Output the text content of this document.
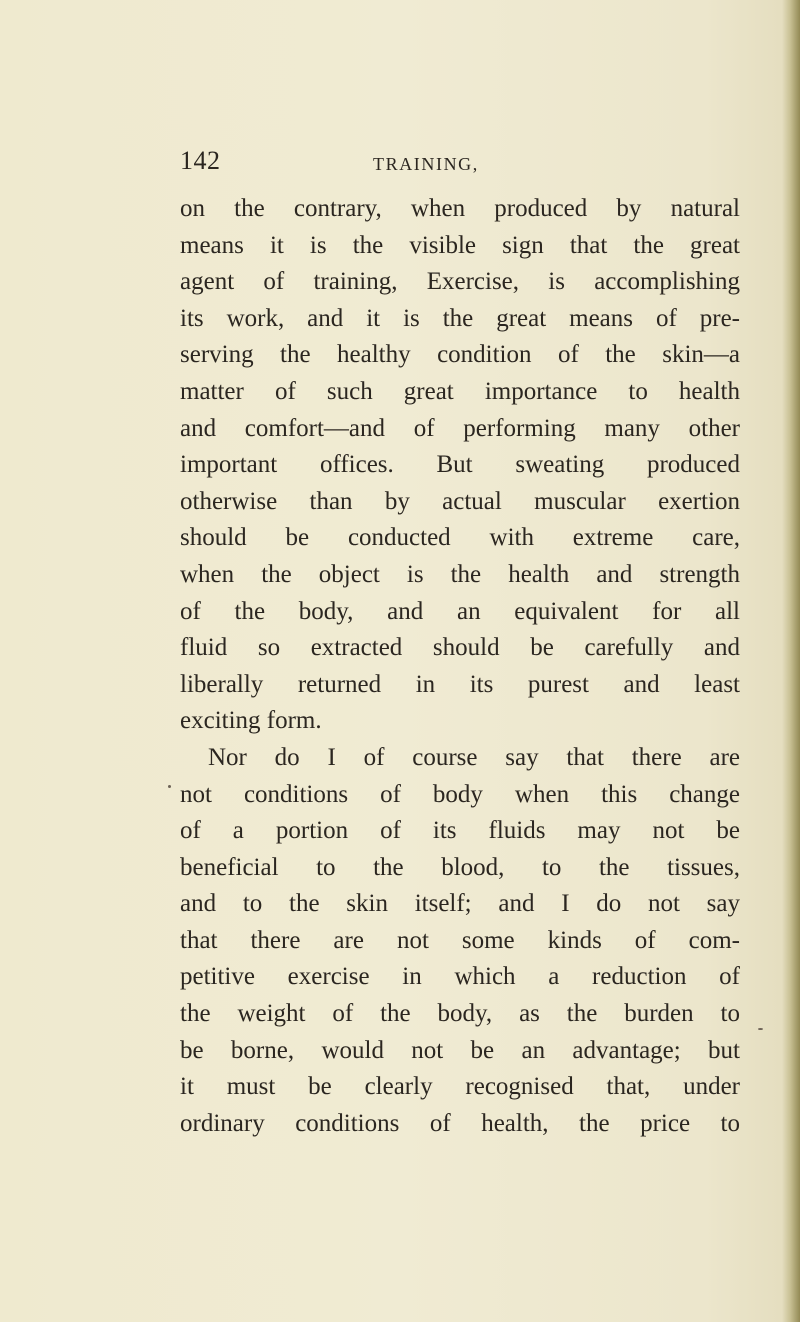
142	TRAINING,
on the contrary, when produced by natural
means it is the visible sign that the great
agent of training, Exercise, is accomplishing
its work, and it is the great means of pre-
serving the healthy condition of the skin—a
matter of such great importance to health
and comfort—and of performing many other
important offices. But sweating produced
otherwise than by actual muscular exertion
should be conducted with extreme care,
when the object is the health and strength
of the body, and an equivalent for all
fluid so extracted should be carefully and
liberally returned in its purest and least
exciting form.
Nor do I of course say that there are
not conditions of body when this change
of a portion of its fluids may not be
beneficial to the blood, to the tissues,
and to the skin itself; and I do not say
that there are not some kinds of com-
petitive exercise in which a reduction of
the weight of the body, as the burden to
be borne, would not be an advantage; but
it must be clearly recognised that, under
ordinary conditions of health, the price to
